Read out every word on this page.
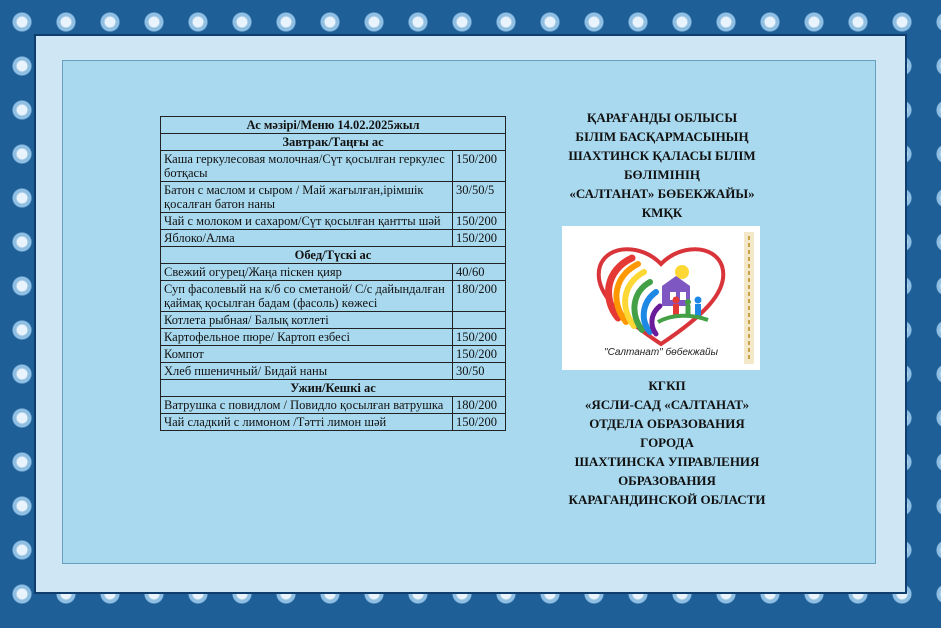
Ас мәзірі/Меню 14.02.2025жыл	
Завтрак/Таңғы ас	
Каша геркулесовая молочная/Сүт қосылған геркулес ботқасы	150/200
Батон с маслом и сыром / Май жағылған,ірімшік қосалған батон наны	30/50/5
Чай с молоком и сахаром/Сүт қосылған қантты шәй	150/200
Яблоко/Алма	150/200
Обед/Түскі ас	
Свежий огурец/Жаңа піскен қияр	40/60
Суп фасолевый на к/б со сметаной/ С/с дайындалған қаймақ қосылған бадам (фасоль) көжесі	180/200
Котлета рыбная/ Балық котлеті	
Картофельное пюре/ Картоп езбесі	150/200
Компот	150/200
Хлеб пшеничный/ Бидай наны	30/50
Ужин/Кешкі ас	
Ватрушка с повидлом / Повидло қосылған ватрушка	180/200
Чай сладкий с лимоном /Тәтті лимон шәй	150/200
ҚАРАҒАНДЫ ОБЛЫСЫ
БІЛІМ БАСҚАРМАСЫНЫҢ
ШАХТИНСК ҚАЛАСЫ БІЛІМ
БӨЛІМІНІҢ
«САЛТАНАТ» БӨБЕКЖАЙЫ»
КМҚК
"Салтанат" бөбекжайы
КГКП
«ЯСЛИ-САД «САЛТАНАТ»
ОТДЕЛА ОБРАЗОВАНИЯ
ГОРОДА
ШАХТИНСКА УПРАВЛЕНИЯ
ОБРАЗОВАНИЯ
КАРАГАНДИНСКОЙ ОБЛАСТИ
